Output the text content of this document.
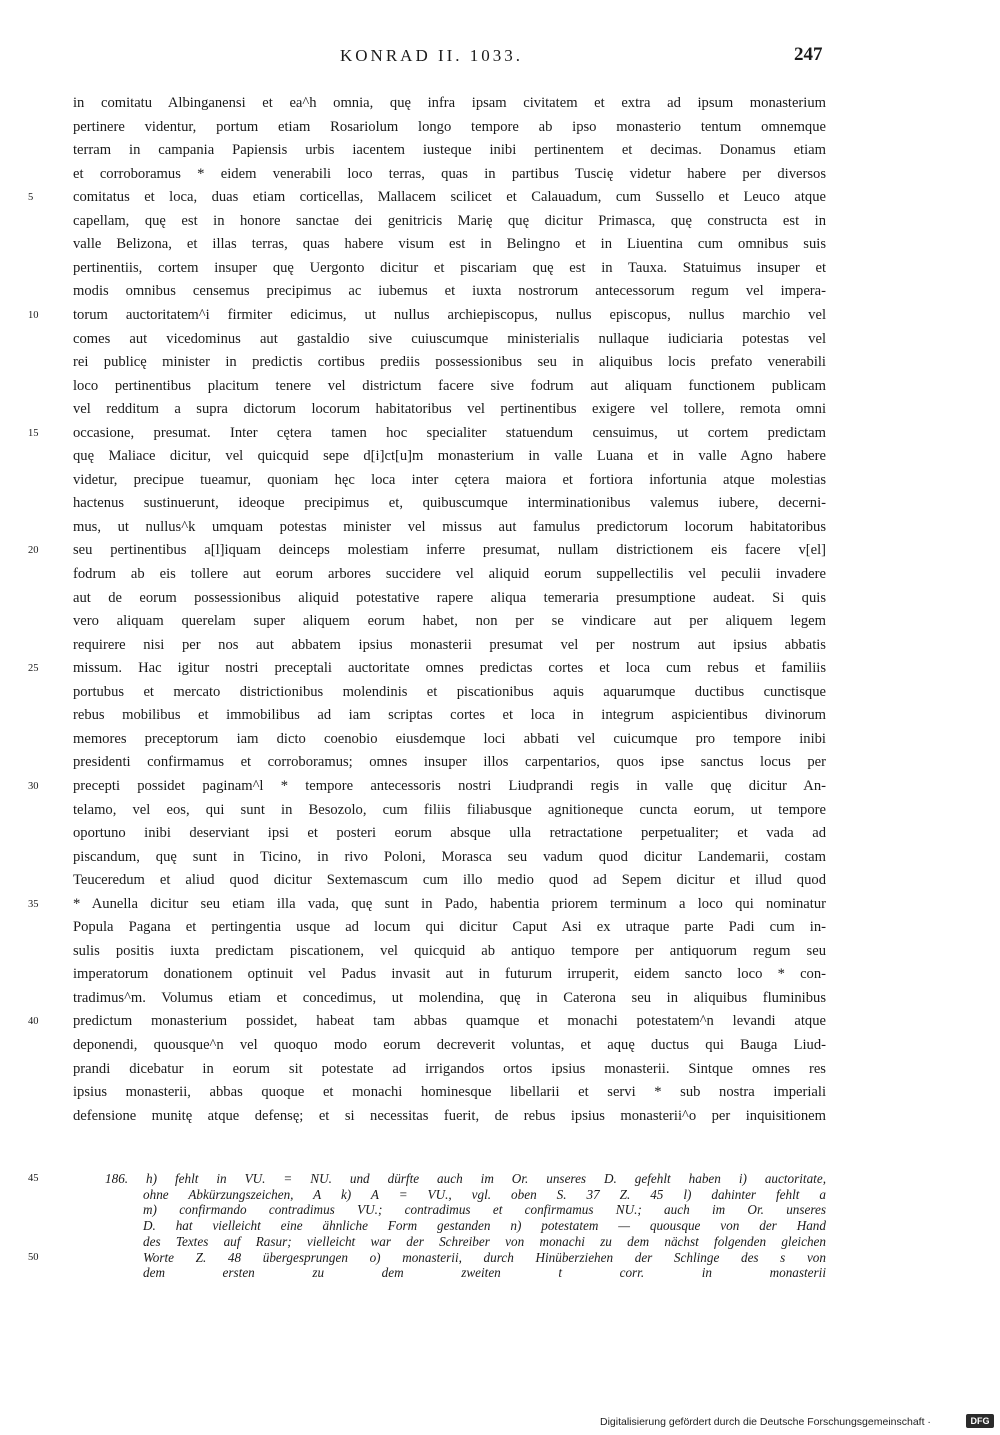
KONRAD II. 1033.	247
in comitatu Albinganensi et ea^h omnia, quę infra ipsam civitatem et extra ad ipsum monasterium
pertinere videntur, portum etiam Rosariolum longo tempore ab ipso monasterio tentum omnemque
terram in campania Papiensis urbis iacentem iusteque inibi pertinentem et decimas. Donamus etiam
et corroboramus * eidem venerabili loco terras, quas in partibus Tuscię videtur habere per diversos
comitatus et loca, duas etiam corticellas, Mallacem scilicet et Calauadum, cum Sussello et Leuco atque
capellam, quę est in honore sanctae dei genitricis Marię quę dicitur Primasca, quę constructa est in
valle Belizona, et illas terras, quas habere visum est in Belingno et in Liuentina cum omnibus suis
pertinentiis, cortem insuper quę Uergonto dicitur et piscariam quę est in Tauxa. Statuimus insuper et
modis omnibus censemus precipimus ac iubemus et iuxta nostrorum antecessorum regum vel impera-
torum auctoritatem^i firmiter edicimus, ut nullus archiepiscopus, nullus episcopus, nullus marchio vel
comes aut vicedominus aut gastaldio sive cuiuscumque ministerialis nullaque iudiciaria potestas vel
rei publicę minister in predictis cortibus prediis possessionibus seu in aliquibus locis prefato venerabili
loco pertinentibus placitum tenere vel districtum facere sive fodrum aut aliquam functionem publicam
vel redditum a supra dictorum locorum habitatoribus vel pertinentibus exigere vel tollere, remota omni
occasione, presumat. Inter cętera tamen hoc specialiter statuendum censuimus, ut cortem predictam
quę Maliace dicitur, vel quicquid sepe d[i]ct[u]m monasterium in valle Luana et in valle Agno habere
videtur, precipue tueamur, quoniam hęc loca inter cętera maiora et fortiora infortunia atque molestias
hactenus sustinuerunt, ideoque precipimus et, quibuscumque interminationibus valemus iubere, decerni-
mus, ut nullus^k umquam potestas minister vel missus aut famulus predictorum locorum habitatoribus
seu pertinentibus a[l]iquam deinceps molestiam inferre presumat, nullam districtionem eis facere v[el]
fodrum ab eis tollere aut eorum arbores succidere vel aliquid eorum suppellectilis vel peculii invadere
aut de eorum possessionibus aliquid potestative rapere aliqua temeraria presumptione audeat. Si quis
vero aliquam querelam super aliquem eorum habet, non per se vindicare aut per aliquem legem
requirere nisi per nos aut abbatem ipsius monasterii presumat vel per nostrum aut ipsius abbatis
missum. Hac igitur nostri preceptali auctoritate omnes predictas cortes et loca cum rebus et familiis
portubus et mercato districtionibus molendinis et piscationibus aquis aquarumque ductibus cunctisque
rebus mobilibus et immobilibus ad iam scriptas cortes et loca in integrum aspicientibus divinorum
memores preceptorum iam dicto coenobio eiusdemque loci abbati vel cuicumque pro tempore inibi
presidenti confirmamus et corroboramus; omnes insuper illos carpentarios, quos ipse sanctus locus per
precepti possidet paginam^l * tempore antecessoris nostri Liudprandi regis in valle quę dicitur An-
telamo, vel eos, qui sunt in Besozolo, cum filiis filiabusque agnitioneque cuncta eorum, ut tempore
oportuno inibi deserviant ipsi et posteri eorum absque ulla retractatione perpetualiter; et vada ad
piscandum, quę sunt in Ticino, in rivo Poloni, Morasca seu vadum quod dicitur Landemarii, costam
Teuceredum et aliud quod dicitur Sextemascum cum illo medio quod ad Sepem dicitur et illud quod
* Aunella dicitur seu etiam illa vada, quę sunt in Pado, habentia priorem terminum a loco qui nominatur
Popula Pagana et pertingentia usque ad locum qui dicitur Caput Asi ex utraque parte Padi cum in-
sulis positis iuxta predictam piscationem, vel quicquid ab antiquo tempore per antiquorum regum seu
imperatorum donationem optinuit vel Padus invasit aut in futurum irruperit, eidem sancto loco * con-
tradimus^m. Volumus etiam et concedimus, ut molendina, quę in Caterona seu in aliquibus fluminibus
predictum monasterium possidet, habeat tam abbas quamque et monachi potestatem^n levandi atque
deponendi, quousque^n vel quoquo modo eorum decreverit voluntas, et aquę ductus qui Bauga Liud-
prandi dicebatur in eorum sit potestate ad irrigandos ortos ipsius monasterii. Sintque omnes res
ipsius monasterii, abbas quoque et monachi hominesque libellarii et servi * sub nostra imperiali
defensione munitę atque defensę; et si necessitas fuerit, de rebus ipsius monasterii^o per inquisitionem
5
10
15
20
25
30
35
40
186. h) fehlt in VU. = NU. und dürfte auch im Or. unseres D. gefehlt haben i) auctoritate,
ohne Abkürzungszeichen, A k) A = VU., vgl. oben S. 37 Z. 45 l) dahinter fehlt a
m) confirmando contradimus VU.; contradimus et confirmamus NU.; auch im Or. unseres
D. hat vielleicht eine ähnliche Form gestanden n) potestatem — quousque von der Hand
des Textes auf Rasur; vielleicht war der Schreiber von monachi zu dem nächst folgenden gleichen
Worte Z. 48 übergesprungen o) monasterii, durch Hinüberziehen der Schlinge des s von
dem ersten zu dem zweiten t corr. in monasterii
45
50
Digitalisierung gefördert durch die Deutsche Forschungsgemeinschaft ·	DFG
